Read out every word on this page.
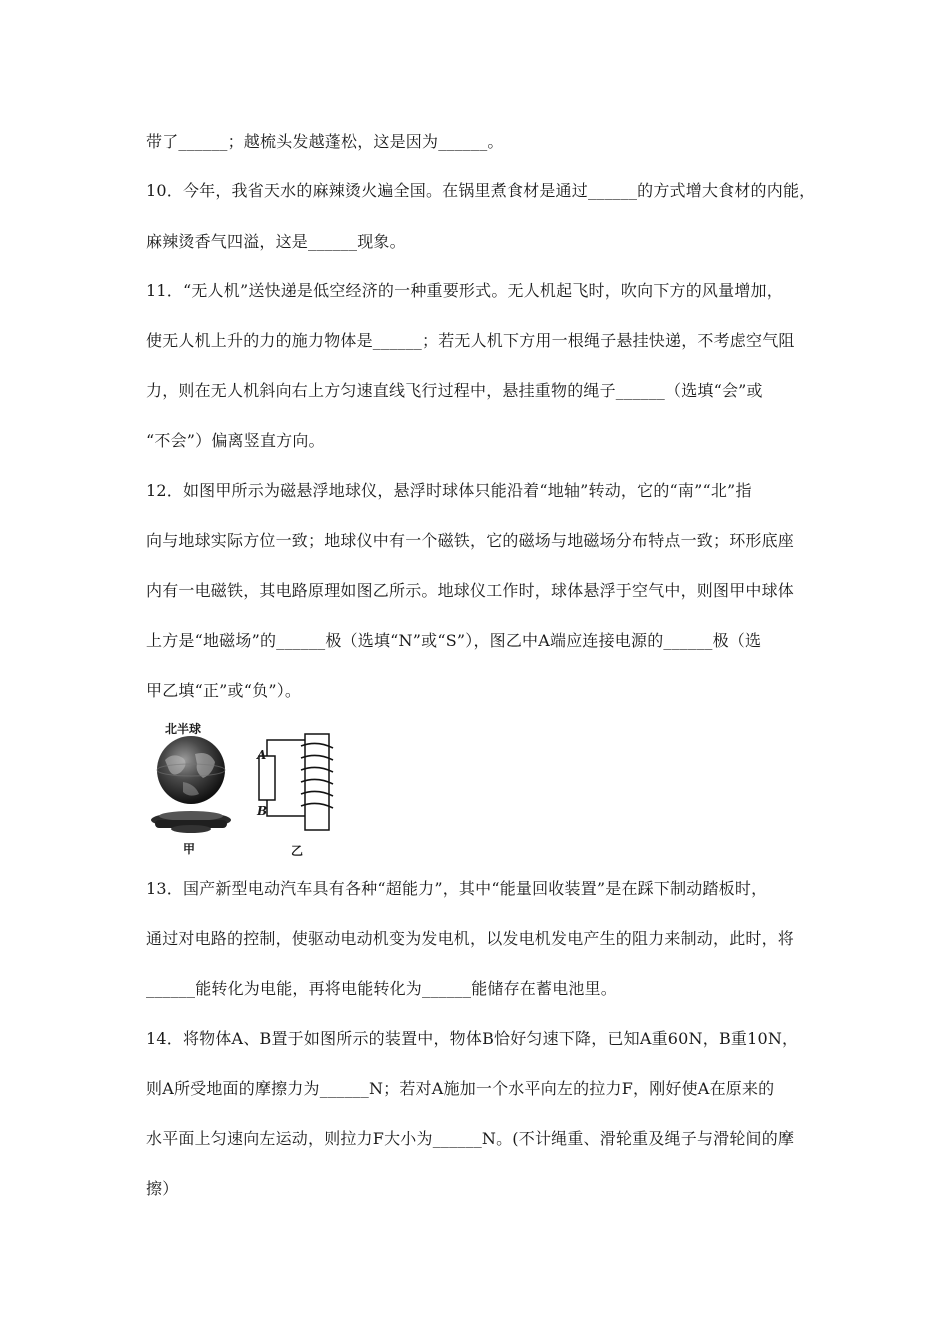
带了______；越梳头发越蓬松，这是因为______。
10．今年，我省天水的麻辣烫火遍全国。在锅里煮食材是通过______的方式增大食材的内能，
麻辣烫香气四溢，这是______现象。
11．“无人机”送快递是低空经济的一种重要形式。无人机起飞时，吹向下方的风量增加，
使无人机上升的力的施力物体是______；若无人机下方用一根绳子悬挂快递，不考虑空气阻
力，则在无人机斜向右上方匀速直线飞行过程中，悬挂重物的绳子______（选填“会”或
“不会”）偏离竖直方向。
12．如图甲所示为磁悬浮地球仪，悬浮时球体只能沿着“地轴”转动，它的“南”“北”指
向与地球实际方位一致；地球仪中有一个磁铁，它的磁场与地磁场分布特点一致；环形底座
内有一电磁铁，其电路原理如图乙所示。地球仪工作时，球体悬浮于空气中，则图甲中球体
上方是“地磁场”的______极（选填“N”或“S”），图乙中A端应连接电源的______极（选
甲乙填“正”或“负”）。
13．国产新型电动汽车具有各种“超能力”，其中“能量回收装置”是在踩下制动踏板时，
通过对电路的控制，使驱动电动机变为发电机，以发电机发电产生的阻力来制动，此时，将
______能转化为电能，再将电能转化为______能储存在蓄电池里。
14．将物体A、B置于如图所示的装置中，物体B恰好匀速下降，已知A重60N，B重10N，
则A所受地面的摩擦力为______N；若对A施加一个水平向左的拉力F，刚好使A在原来的
水平面上匀速向左运动，则拉力F大小为______N。(不计绳重、滑轮重及绳子与滑轮间的摩
擦）
北半球
甲
A
B
乙
